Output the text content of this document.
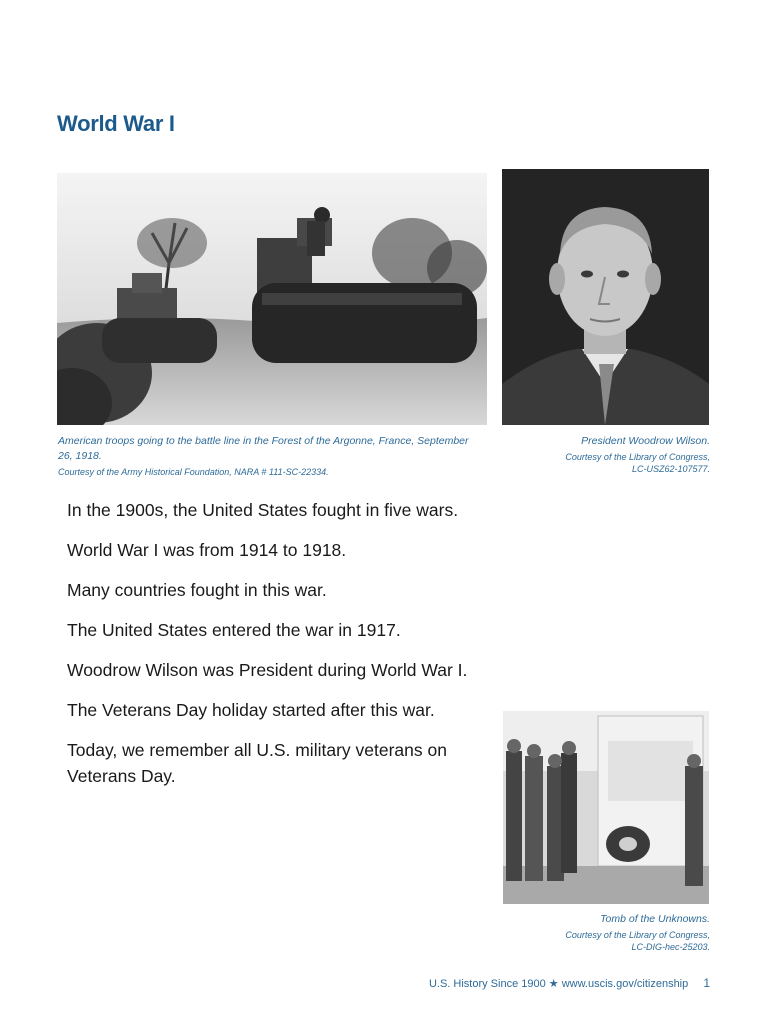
World War I
American troops going to the battle line in the Forest of the Argonne, France, September 26, 1918.
Courtesy of the Army Historical Foundation, NARA # 111-SC-22334.
President Woodrow Wilson.
Courtesy of the Library of Congress,
LC-USZ62-107577.

In the 1900s, the United States fought in five wars.

World War I was from 1914 to 1918.

Many countries fought in this war.

The United States entered the war in 1917.

Woodrow Wilson was President during World War I.

The Veterans Day holiday started after this war.

Today, we remember all U.S. military veterans on Veterans Day.

Tomb of the Unknowns.
Courtesy of the Library of Congress,
LC-DIG-hec-25203.
U.S. History Since 1900 ★ www.uscis.gov/citizenship 1
